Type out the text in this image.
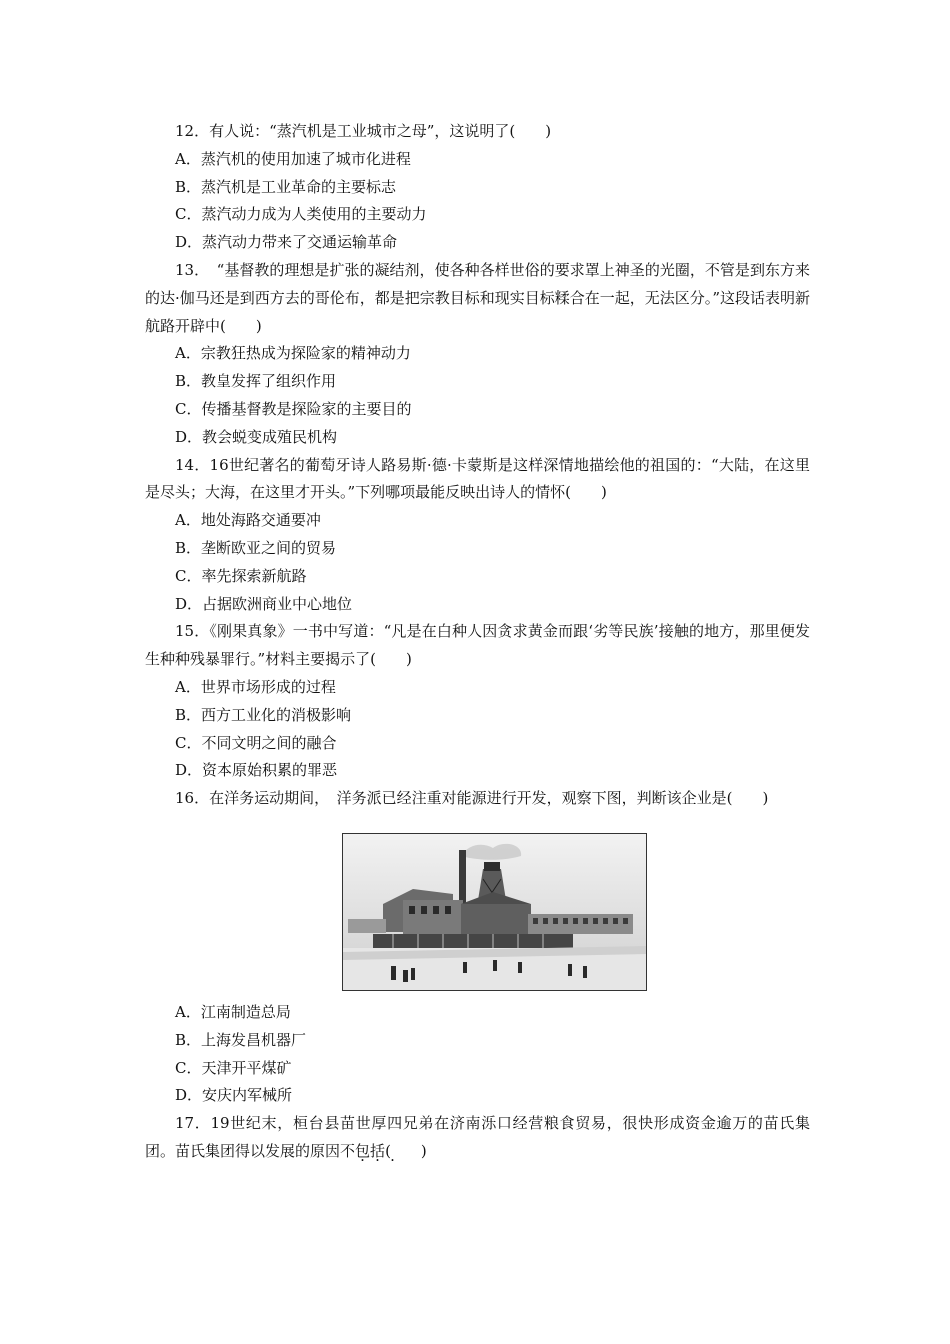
12．有人说：“蒸汽机是工业城市之母”，这说明了(　　)

A．蒸汽机的使用加速了城市化进程

B．蒸汽机是工业革命的主要标志

C．蒸汽动力成为人类使用的主要动力

D．蒸汽动力带来了交通运输革命

13．　“基督教的理想是扩张的凝结剂，使各种各样世俗的要求罩上神圣的光圈，不管是到东方来的达·伽马还是到西方去的哥伦布，都是把宗教目标和现实目标糅合在一起，无法区分。”这段话表明新航路开辟中(　　)

A．宗教狂热成为探险家的精神动力

B．教皇发挥了组织作用

C．传播基督教是探险家的主要目的

D．教会蜕变成殖民机构

14．16世纪著名的葡萄牙诗人路易斯·德·卡蒙斯是这样深情地描绘他的祖国的：“大陆，在这里是尽头；大海，在这里才开头。”下列哪项最能反映出诗人的情怀(　　)

A．地处海路交通要冲

B．垄断欧亚之间的贸易

C．率先探索新航路

D．占据欧洲商业中心地位

15．《刚果真象》一书中写道：“凡是在白种人因贪求黄金而跟‘劣等民族’接触的地方，那里便发生种种残暴罪行。”材料主要揭示了(　　)

A．世界市场形成的过程

B．西方工业化的消极影响

C．不同文明之间的融合

D．资本原始积累的罪恶

16．在洋务运动期间，　洋务派已经注重对能源进行开发，观察下图，判断该企业是(　　)

A．江南制造总局

B．上海发昌机器厂

C．天津开平煤矿

D．安庆内军械所

17．19世纪末，桓台县苗世厚四兄弟在济南泺口经营粮食贸易，很快形成资金逾万的苗氏集团。苗氏集团得以发展的原因不包括(　　)
